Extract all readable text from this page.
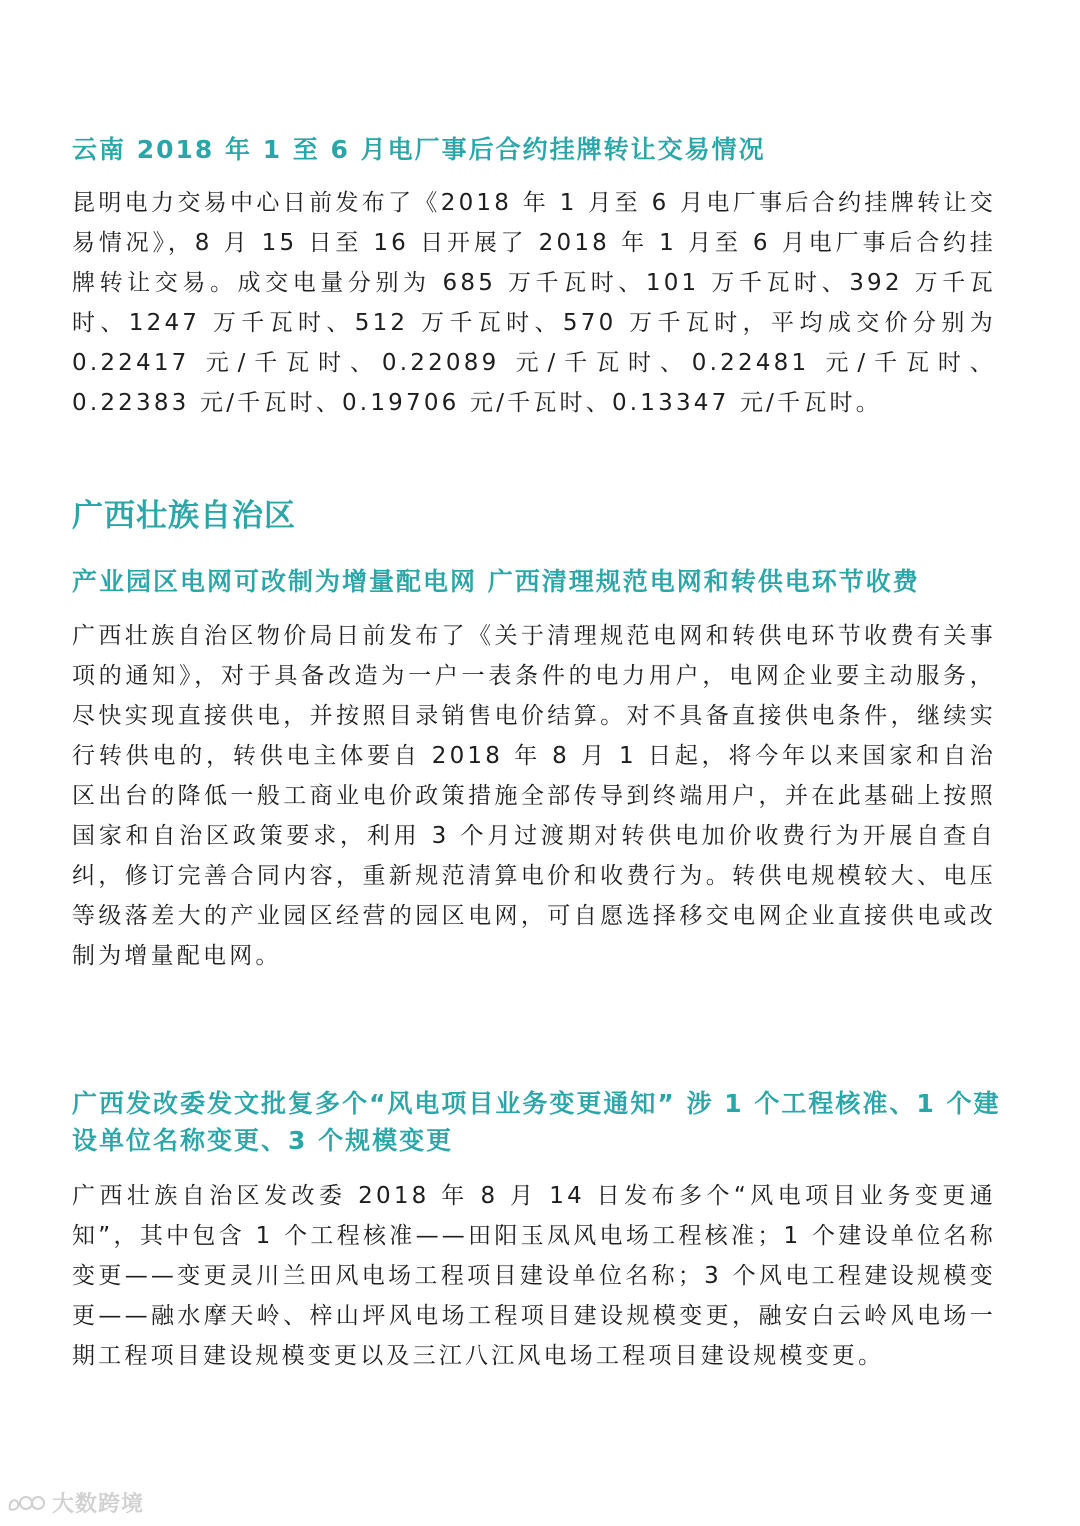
云南 2018 年 1 至 6 月电厂事后合约挂牌转让交易情况

昆明电力交易中心日前发布了《2018 年 1 月至 6 月电厂事后合约挂牌转让交易情况》，8 月 15 日至 16 日开展了 2018 年 1 月至 6 月电厂事后合约挂牌转让交易。成交电量分别为 685 万千瓦时、101 万千瓦时、392 万千瓦时、1247 万千瓦时、512 万千瓦时、570 万千瓦时，平均成交价分别为 0.22417 元/千瓦时、0.22089 元/千瓦时、0.22481 元/千瓦时、0.22383 元/千瓦时、0.19706 元/千瓦时、0.13347 元/千瓦时。

广西壮族自治区
产业园区电网可改制为增量配电网 广西清理规范电网和转供电环节收费

广西壮族自治区物价局日前发布了《关于清理规范电网和转供电环节收费有关事项的通知》，对于具备改造为一户一表条件的电力用户，电网企业要主动服务，尽快实现直接供电，并按照目录销售电价结算。对不具备直接供电条件，继续实行转供电的，转供电主体要自 2018 年 8 月 1 日起，将今年以来国家和自治区出台的降低一般工商业电价政策措施全部传导到终端用户，并在此基础上按照国家和自治区政策要求，利用 3 个月过渡期对转供电加价收费行为开展自查自纠，修订完善合同内容，重新规范清算电价和收费行为。转供电规模较大、电压等级落差大的产业园区经营的园区电网，可自愿选择移交电网企业直接供电或改制为增量配电网。

广西发改委发文批复多个“风电项目业务变更通知” 涉 1 个工程核准、1 个建设单位名称变更、3 个规模变更

广西壮族自治区发改委 2018 年 8 月 14 日发布多个“风电项目业务变更通知”，其中包含 1 个工程核准——田阳玉凤风电场工程核准；1 个建设单位名称变更——变更灵川兰田风电场工程项目建设单位名称；3 个风电工程建设规模变更——融水摩天岭、梓山坪风电场工程项目建设规模变更，融安白云岭风电场一期工程项目建设规模变更以及三江八江风电场工程项目建设规模变更。

大数跨境
